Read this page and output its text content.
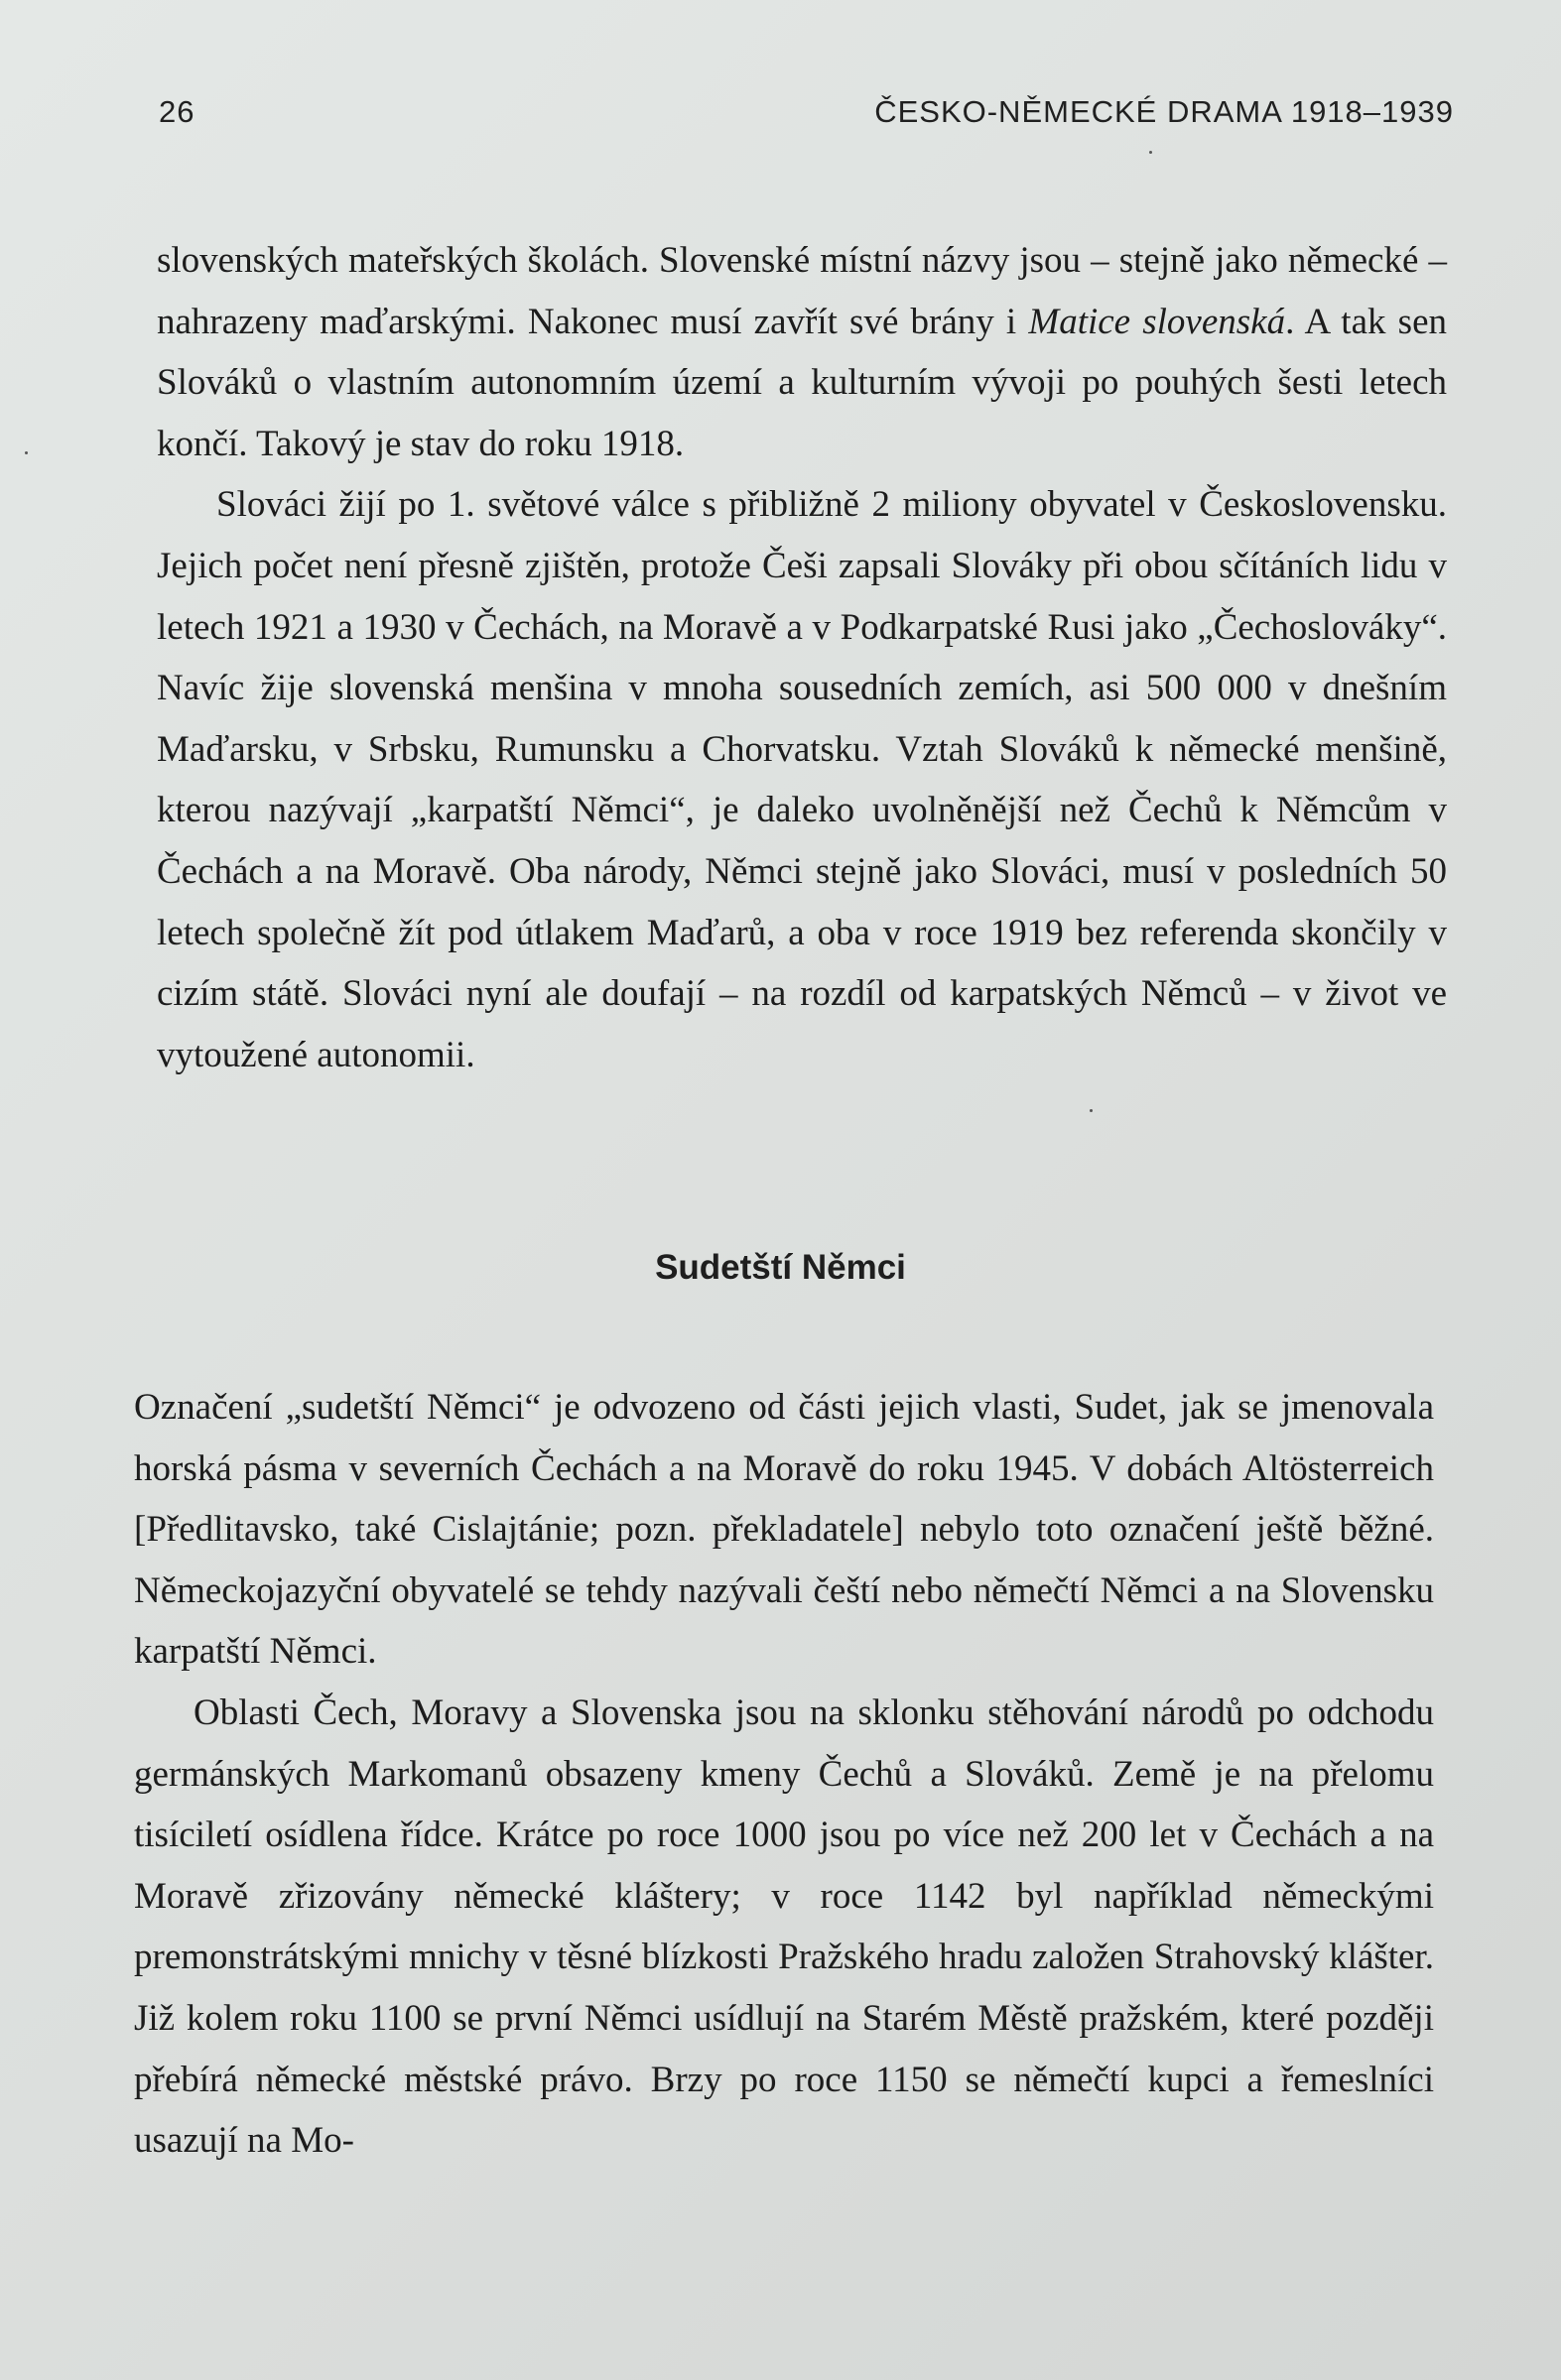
26	ČESKO-NĚMECKÉ DRAMA 1918–1939

slovenských mateřských školách. Slovenské místní názvy jsou – stejně jako německé – nahrazeny maďarskými. Nakonec musí zavřít své brány i Matice slovenská. A tak sen Slováků o vlastním autonomním území a kulturním vývoji po pouhých šesti letech končí. Takový je stav do roku 1918.

Slováci žijí po 1. světové válce s přibližně 2 miliony obyvatel v Československu. Jejich počet není přesně zjištěn, protože Češi zapsali Slováky při obou sčítáních lidu v letech 1921 a 1930 v Čechách, na Moravě a v Podkarpatské Rusi jako „Čechoslováky“. Navíc žije slovenská menšina v mnoha sousedních zemích, asi 500 000 v dnešním Maďarsku, v Srbsku, Rumunsku a Chorvatsku. Vztah Slováků k německé menšině, kterou nazývají „karpatští Němci“, je daleko uvolněnější než Čechů k Němcům v Čechách a na Moravě. Oba národy, Němci stejně jako Slováci, musí v posledních 50 letech společně žít pod útlakem Maďarů, a oba v roce 1919 bez referenda skončily v cizím státě. Slováci nyní ale doufají – na rozdíl od karpatských Němců – v život ve vytoužené autonomii.

Sudetští Němci

Označení „sudetští Němci“ je odvozeno od části jejich vlasti, Sudet, jak se jmenovala horská pásma v severních Čechách a na Moravě do roku 1945. V dobách Altösterreich [Předlitavsko, také Cislajtánie; pozn. překladatele] nebylo toto označení ještě běžné. Německojazyční obyvatelé se tehdy nazývali čeští nebo němečtí Němci a na Slovensku karpatští Němci.

Oblasti Čech, Moravy a Slovenska jsou na sklonku stěhování národů po odchodu germánských Markomanů obsazeny kmeny Čechů a Slováků. Země je na přelomu tisíciletí osídlena řídce. Krátce po roce 1000 jsou po více než 200 let v Čechách a na Moravě zřizovány německé kláštery; v roce 1142 byl například německými premonstrátskými mnichy v těsné blízkosti Pražského hradu založen Strahovský klášter. Již kolem roku 1100 se první Němci usídlují na Starém Městě pražském, které později přebírá německé městské právo. Brzy po roce 1150 se němečtí kupci a řemeslníci usazují na Mo-
